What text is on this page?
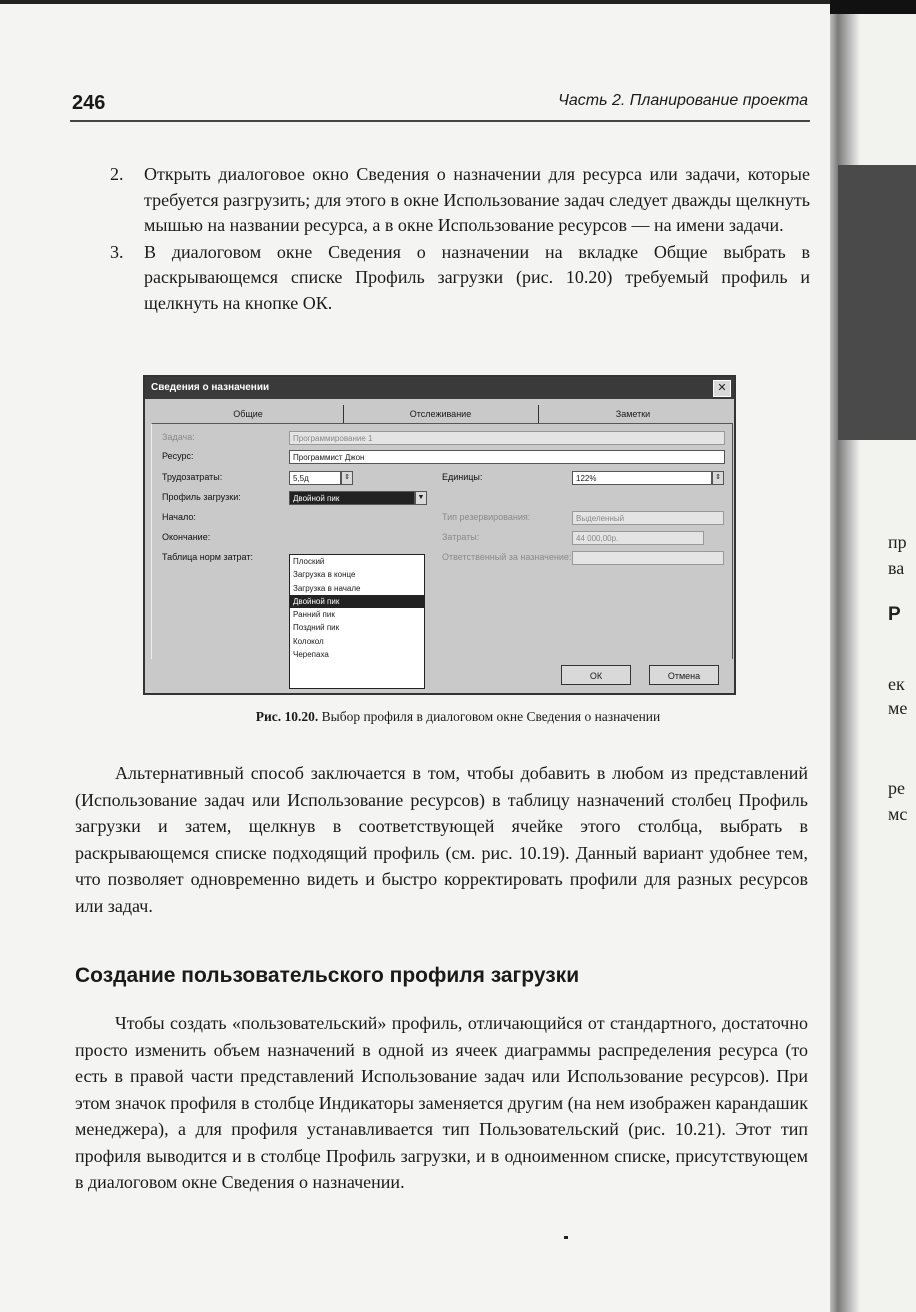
пр
ва
Р
ек
ме
ре
мс
246	Часть 2. Планирование проекта
2. Открыть диалоговое окно Сведения о назначении для ресурса или задачи, которые требуется разгрузить; для этого в окне Использование задач следует дважды щелкнуть мышью на названии ресурса, а в окне Использование ресурсов — на имени задачи.
3. В диалоговом окне Сведения о назначении на вкладке Общие выбрать в раскрывающемся списке Профиль загрузки (рис. 10.20) требуемый профиль и щелкнуть на кнопке ОК.
Сведения о назначении	✕
Общие	Отслеживание	Заметки
Задача:	Программирование 1
Ресурс:	Программист Джон
Трудозатраты:	5,5д	⇕	Единицы:	122%	⇕
Профиль загрузки:	Двойной пик	▼
Начало:	Тип резервирования:	Выделенный
Окончание:	Затраты:	44 000,00р.
Таблица норм затрат:	Ответственный за назначение:
Плоский
Загрузка в конце
Загрузка в начале
Двойной пик
Ранний пик
Поздний пик
Колокол
Черепаха
ОК	Отмена
Рис. 10.20. Выбор профиля в диалоговом окне Сведения о назначении
Альтернативный способ заключается в том, чтобы добавить в любом из представлений (Использование задач или Использование ресурсов) в таблицу назначений столбец Профиль загрузки и затем, щелкнув в соответствующей ячейке этого столбца, выбрать в раскрывающемся списке подходящий профиль (см. рис. 10.19). Данный вариант удобнее тем, что позволяет одновременно видеть и быстро корректировать профили для разных ресурсов или задач.
Создание пользовательского профиля загрузки
Чтобы создать «пользовательский» профиль, отличающийся от стандартного, достаточно просто изменить объем назначений в одной из ячеек диаграммы распределения ресурса (то есть в правой части представлений Использование задач или Использование ресурсов). При этом значок профиля в столбце Индикаторы заменяется другим (на нем изображен карандашик менеджера), а для профиля устанавливается тип Пользовательский (рис. 10.21). Этот тип профиля выводится и в столбце Профиль загрузки, и в одноименном списке, присутствующем в диалоговом окне Сведения о назначении.
